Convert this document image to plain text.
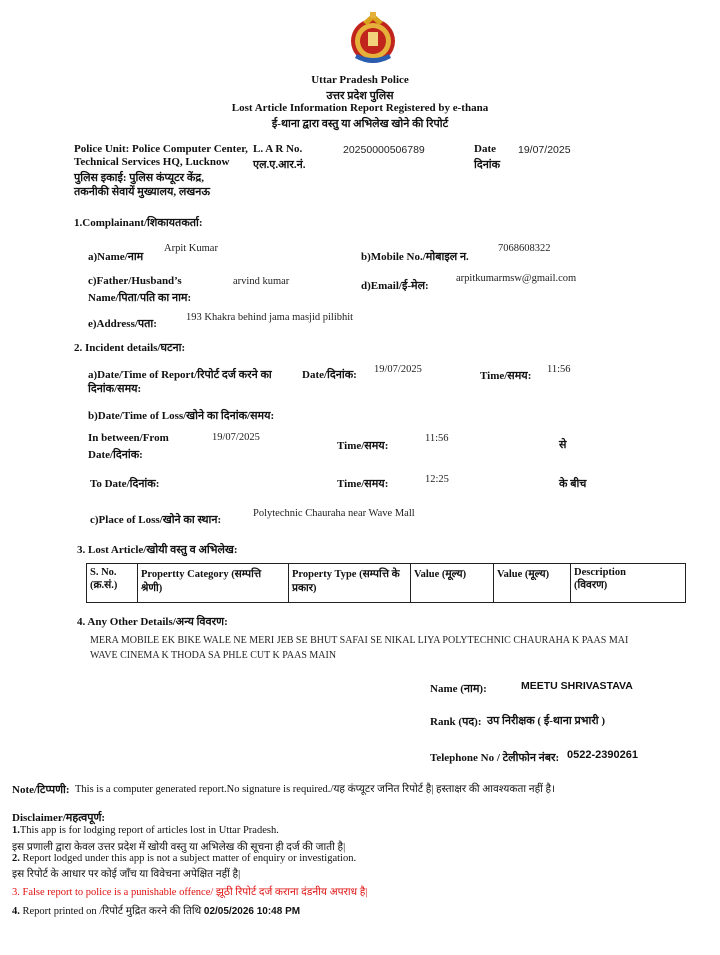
Uttar Pradesh Police
उत्तर प्रदेश पुलिस
Lost Article Information Report Registered by e-thana
ई-थाना द्वारा वस्तु या अभिलेख खोने की रिपोर्ट
Police Unit: Police Computer Center,
Technical Services HQ, Lucknow
पुलिस इकाई: पुलिस कंप्यूटर केंद्र,
तकनीकी सेवायें मुख्यालय, लखनऊ
L. A R No.
एल.ए.आर.नं.
20250000506789	Date
दिनांक
19/07/2025
1.Complainant/शिकायतकर्ता:
a)Name/नाम
Arpit Kumar
b)Mobile No./मोबाइल न.
7068608322
c)Father/Husband’s
Name/पिता/पति का नाम:
arvind kumar	d)Email/ई-मेल:
arpitkumarmsw@gmail.com
e)Address/पता:
193 Khakra behind jama masjid pilibhit
2. Incident details/घटना:
a)Date/Time of Report/रिपोर्ट दर्ज करने का
दिनांक/समय:
Date/दिनांक: 19/07/2025
Time/समय:
11:56
b)Date/Time of Loss/खोने का दिनांक/समय:
In between/From
Date/दिनांक:
19/07/2025
Time/समय:
11:56
से
To Date/दिनांक:	Time/समय:	12:25	के बीच
c)Place of Loss/खोने का स्थान:
Polytechnic Chauraha near Wave Mall
3. Lost Article/खोयी वस्तु व अभिलेख:
S. No.
(क्र.सं.)

Propertty Category (सम्पत्ति
श्रेणी)

Property Type (सम्पत्ति के
प्रकार)

Value (मूल्य)	Value (मूल्य)	Description
(विवरण)
4. Any Other Details/अन्य विवरण:
MERA MOBILE EK BIKE WALE NE MERI JEB SE BHUT SAFAI SE NIKAL LIYA POLYTECHNIC CHAURAHA K PAAS MAI
WAVE CINEMA K THODA SA PHLE CUT K PAAS MAIN
Name (नाम):	MEETU SHRIVASTAVA
Rank (पद): उप निरीक्षक ( ई-थाना प्रभारी )
Telephone No / टेलीफोन नंबर: 0522-2390261
Note/टिप्पणी: This is a computer generated report.No signature is required./यह कंप्यूटर जनित रिपोर्ट है| हस्ताक्षर की आवश्यकता नहीं है।
Disclaimer/महत्वपूर्ण:
1.This app is for lodging report of articles lost in Uttar Pradesh.
इस प्रणाली द्वारा केवल उत्तर प्रदेश में खोयी वस्तु या अभिलेख की सूचना ही दर्ज की जाती है|
2. Report lodged under this app is not a subject matter of enquiry or investigation.
इस रिपोर्ट के आधार पर कोई जाँच या विवेचना अपेक्षित नहीं है|
3. False report to police is a punishable offence/ झूठी रिपोर्ट दर्ज कराना दंडनीय अपराध है|
4. Report printed on /रिपोर्ट मुद्रित करने की तिथि 02/05/2026 10:48 PM
